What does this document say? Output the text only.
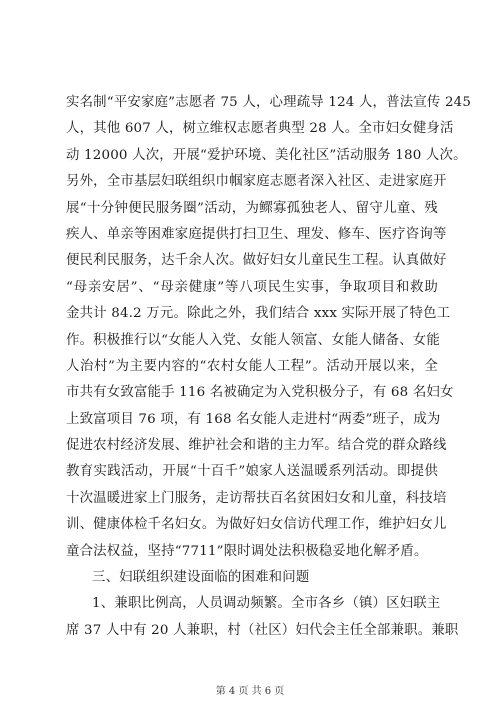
实名制“平安家庭”志愿者 75 人，心理疏导 124 人，普法宣传 245
人，其他 607 人，树立维权志愿者典型 28 人。全市妇女健身活
动 12000 人次，开展“爱护环境、美化社区”活动服务 180 人次。
另外，全市基层妇联组织巾帼家庭志愿者深入社区、走进家庭开
展“十分钟便民服务圈”活动，为鳏寡孤独老人、留守儿童、残
疾人、单亲等困难家庭提供打扫卫生、理发、修车、医疗咨询等
便民利民服务，达千余人次。做好妇女儿童民生工程。认真做好
“母亲安居”、“母亲健康”等八项民生实事，争取项目和救助
金共计 84.2 万元。除此之外，我们结合 xxx 实际开展了特色工
作。积极推行以“女能人入党、女能人领富、女能人储备、女能
人治村”为主要内容的“农村女能人工程”。活动开展以来，全
市共有女致富能手 116 名被确定为入党积极分子，有 68 名妇女
上致富项目 76 项，有 168 名女能人走进村“两委”班子，成为
促进农村经济发展、维护社会和谐的主力军。结合党的群众路线
教育实践活动，开展“十百千”娘家人送温暖系列活动。即提供
十次温暖进家上门服务，走访帮扶百名贫困妇女和儿童，科技培
训、健康体检千名妇女。为做好妇女信访代理工作，维护妇女儿
童合法权益，坚持“7711”限时调处法积极稳妥地化解矛盾。
三、妇联组织建设面临的困难和问题
1、兼职比例高，人员调动频繁。全市各乡（镇）区妇联主
席 37 人中有 20 人兼职，村（社区）妇代会主任全部兼职。兼职
第 4 页 共 6 页
